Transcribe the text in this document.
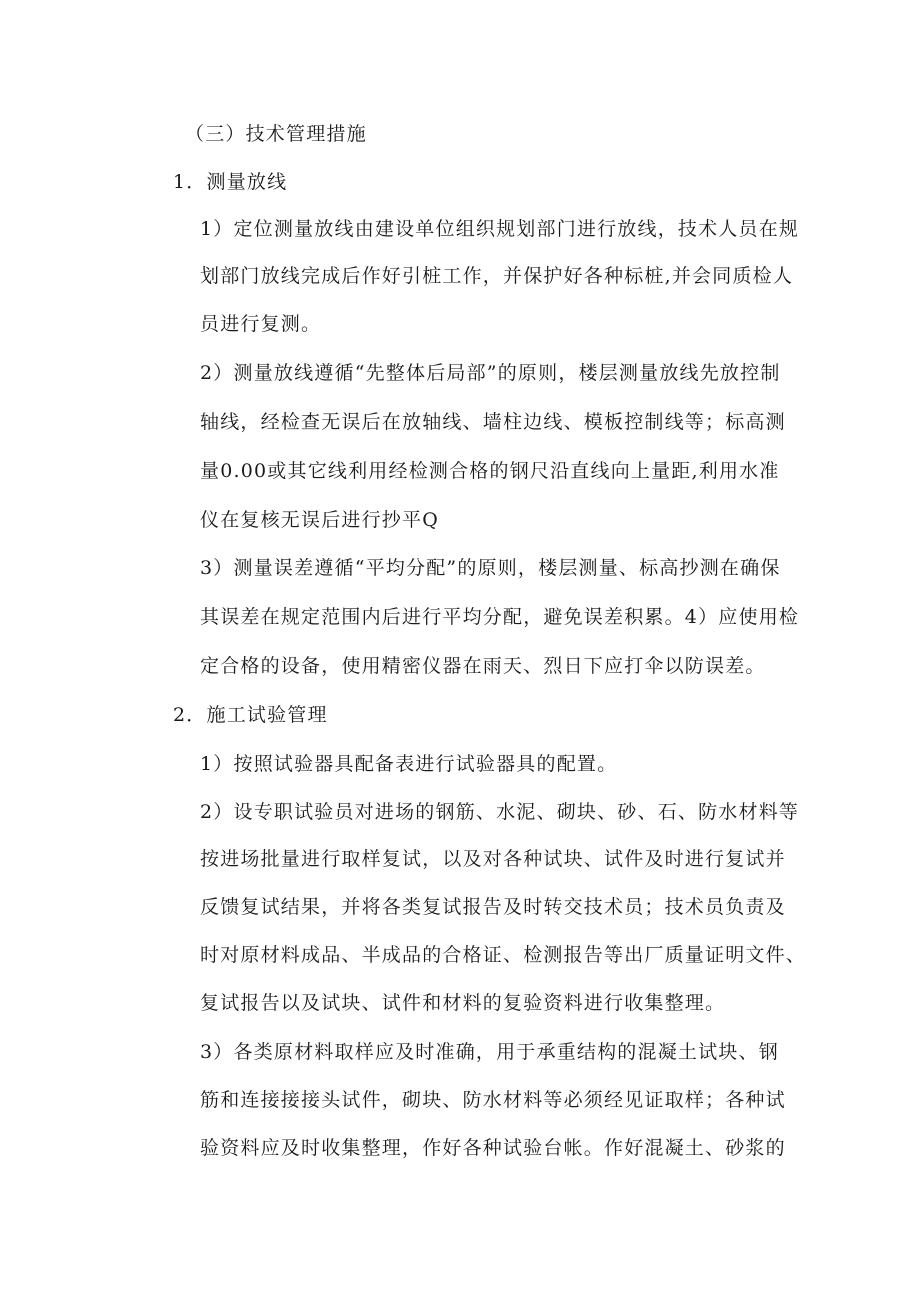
（三）技术管理措施
1．测量放线
1）定位测量放线由建设单位组织规划部门进行放线，技术人员在规
划部门放线完成后作好引桩工作，并保护好各种标桩,并会同质检人
员进行复测。
2）测量放线遵循“先整体后局部”的原则，楼层测量放线先放控制
轴线，经检查无误后在放轴线、墙柱边线、模板控制线等；标高测
量0.00或其它线利用经检测合格的钢尺沿直线向上量距,利用水准
仪在复核无误后进行抄平Q
3）测量误差遵循“平均分配”的原则，楼层测量、标高抄测在确保
其误差在规定范围内后进行平均分配，避免误差积累。4）应使用检
定合格的设备，使用精密仪器在雨天、烈日下应打伞以防误差。
2．施工试验管理
1）按照试验器具配备表进行试验器具的配置。
2）设专职试验员对进场的钢筋、水泥、砌块、砂、石、防水材料等
按进场批量进行取样复试，以及对各种试块、试件及时进行复试并
反馈复试结果，并将各类复试报告及时转交技术员；技术员负责及
时对原材料成品、半成品的合格证、检测报告等出厂质量证明文件、
复试报告以及试块、试件和材料的复验资料进行收集整理。
3）各类原材料取样应及时准确，用于承重结构的混凝土试块、钢
筋和连接接接头试件，砌块、防水材料等必须经见证取样；各种试
验资料应及时收集整理，作好各种试验台帐。作好混凝土、砂浆的
